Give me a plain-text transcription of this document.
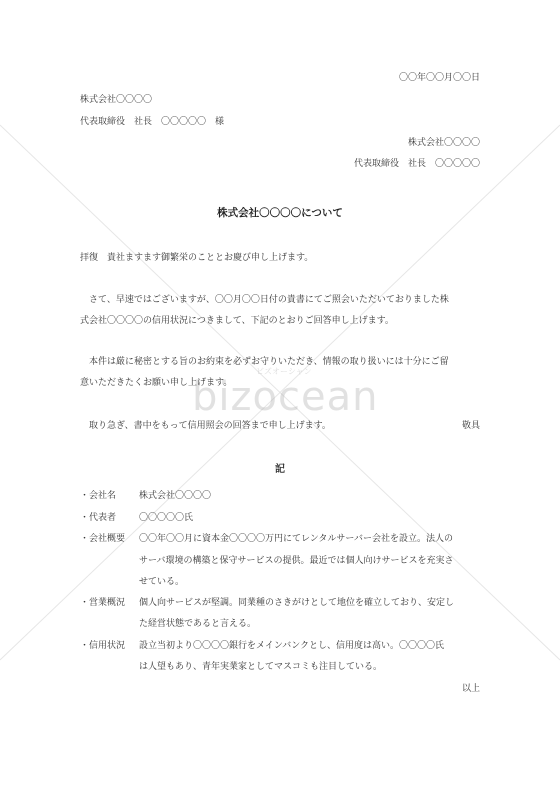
ビズオーシャン
bizocean
〇〇年〇〇月〇〇日
株式会社〇〇〇〇
代表取締役　社長　〇〇〇〇〇　様
株式会社〇〇〇〇
代表取締役　社長　〇〇〇〇〇
株式会社〇〇〇〇について
拝復　貴社ますます御繁栄のこととお慶び申し上げます。
さて、早速ではございますが、〇〇月〇〇日付の貴書にてご照会いただいておりました株
式会社〇〇〇〇の信用状況につきまして、下記のとおりご回答申し上げます。
本件は厳に秘密とする旨のお約束を必ずお守りいただき、情報の取り扱いには十分にご留
意いただきたくお願い申し上げます。
取り急ぎ、書中をもって信用照会の回答まで申し上げます。	敬具
記
・会社名	株式会社〇〇〇〇
・代表者	〇〇〇〇〇氏
・会社概要 〇〇年〇〇月に資本金〇〇〇〇万円にてレンタルサーバー会社を設立。法人の
サーバ環境の構築と保守サービスの提供。最近では個人向けサービスを充実さ
せている。
・営業概況 個人向サービスが堅調。同業種のさきがけとして地位を確立しており、安定し
た経営状態であると言える。
・信用状況 設立当初より〇〇〇〇銀行をメインバンクとし、信用度は高い。〇〇〇〇氏
は人望もあり、青年実業家としてマスコミも注目している。
以上
